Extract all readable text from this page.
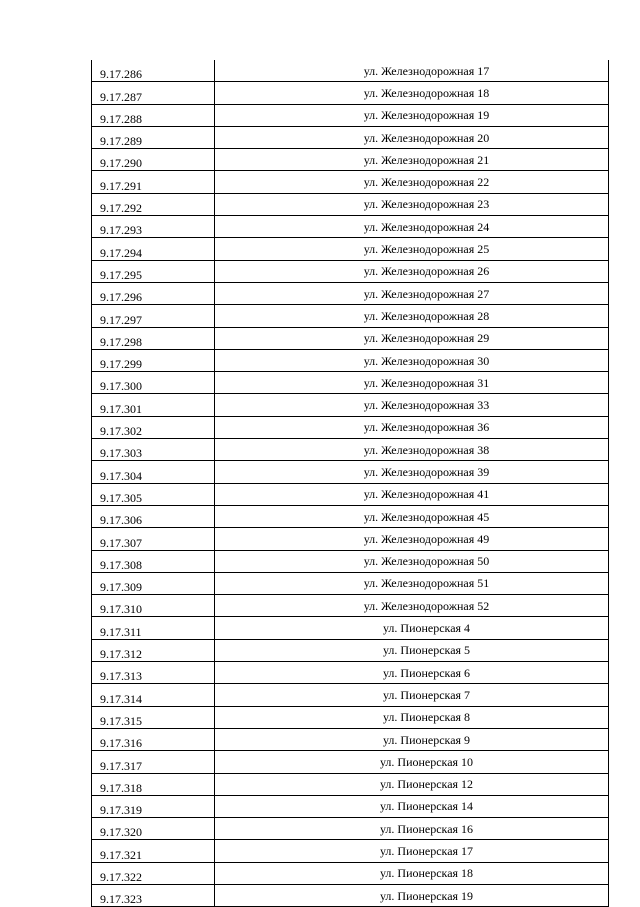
9.17.286	ул. Железнодорожная 17
9.17.287	ул. Железнодорожная 18
9.17.288	ул. Железнодорожная 19
9.17.289	ул. Железнодорожная 20
9.17.290	ул. Железнодорожная 21
9.17.291	ул. Железнодорожная 22
9.17.292	ул. Железнодорожная 23
9.17.293	ул. Железнодорожная 24
9.17.294	ул. Железнодорожная 25
9.17.295	ул. Железнодорожная 26
9.17.296	ул. Железнодорожная 27
9.17.297	ул. Железнодорожная 28
9.17.298	ул. Железнодорожная 29
9.17.299	ул. Железнодорожная 30
9.17.300	ул. Железнодорожная 31
9.17.301	ул. Железнодорожная 33
9.17.302	ул. Железнодорожная 36
9.17.303	ул. Железнодорожная 38
9.17.304	ул. Железнодорожная 39
9.17.305	ул. Железнодорожная 41
9.17.306	ул. Железнодорожная 45
9.17.307	ул. Железнодорожная 49
9.17.308	ул. Железнодорожная 50
9.17.309	ул. Железнодорожная 51
9.17.310	ул. Железнодорожная 52
9.17.311	ул. Пионерская 4
9.17.312	ул. Пионерская 5
9.17.313	ул. Пионерская 6
9.17.314	ул. Пионерская 7
9.17.315	ул. Пионерская 8
9.17.316	ул. Пионерская 9
9.17.317	ул. Пионерская 10
9.17.318	ул. Пионерская 12
9.17.319	ул. Пионерская 14
9.17.320	ул. Пионерская 16
9.17.321	ул. Пионерская 17
9.17.322	ул. Пионерская 18
9.17.323	ул. Пионерская 19
